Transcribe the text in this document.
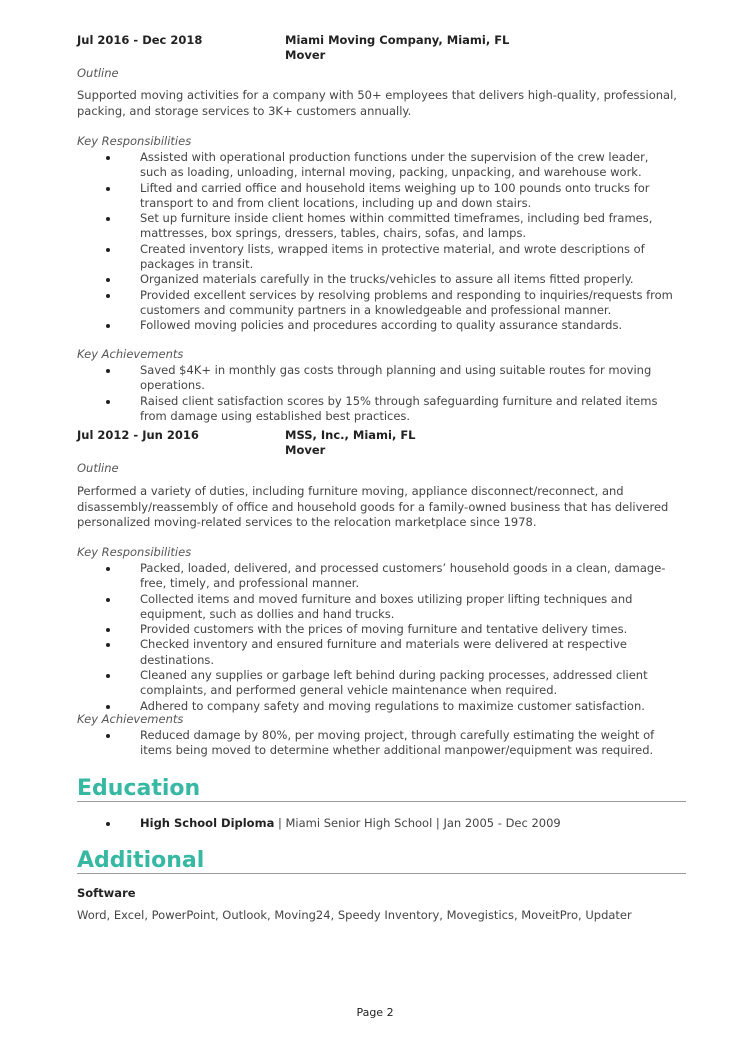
Jul 2016 - Dec 2018	Miami Moving Company, Miami, FL
Mover
Outline
Supported moving activities for a company with 50+ employees that delivers high-quality, professional, packing, and storage services to 3K+ customers annually.
Key Responsibilities
Assisted with operational production functions under the supervision of the crew leader, such as loading, unloading, internal moving, packing, unpacking, and warehouse work.
Lifted and carried office and household items weighing up to 100 pounds onto trucks for transport to and from client locations, including up and down stairs.
Set up furniture inside client homes within committed timeframes, including bed frames, mattresses, box springs, dressers, tables, chairs, sofas, and lamps.
Created inventory lists, wrapped items in protective material, and wrote descriptions of packages in transit.
Organized materials carefully in the trucks/vehicles to assure all items fitted properly.
Provided excellent services by resolving problems and responding to inquiries/requests from customers and community partners in a knowledgeable and professional manner.
Followed moving policies and procedures according to quality assurance standards.
Key Achievements
Saved $4K+ in monthly gas costs through planning and using suitable routes for moving operations.
Raised client satisfaction scores by 15% through safeguarding furniture and related items from damage using established best practices.
Jul 2012 - Jun 2016	MSS, Inc., Miami, FL
Mover
Outline
Performed a variety of duties, including furniture moving, appliance disconnect/reconnect, and disassembly/reassembly of office and household goods for a family-owned business that has delivered personalized moving-related services to the relocation marketplace since 1978.
Key Responsibilities
Packed, loaded, delivered, and processed customers’ household goods in a clean, damage-free, timely, and professional manner.
Collected items and moved furniture and boxes utilizing proper lifting techniques and equipment, such as dollies and hand trucks.
Provided customers with the prices of moving furniture and tentative delivery times.
Checked inventory and ensured furniture and materials were delivered at respective destinations.
Cleaned any supplies or garbage left behind during packing processes, addressed client complaints, and performed general vehicle maintenance when required.
Adhered to company safety and moving regulations to maximize customer satisfaction.
Key Achievements
Reduced damage by 80%, per moving project, through carefully estimating the weight of items being moved to determine whether additional manpower/equipment was required.
Education
High School Diploma | Miami Senior High School | Jan 2005 - Dec 2009
Additional
Software
Word, Excel, PowerPoint, Outlook, Moving24, Speedy Inventory, Movegistics, MoveitPro, Updater
Page 2
